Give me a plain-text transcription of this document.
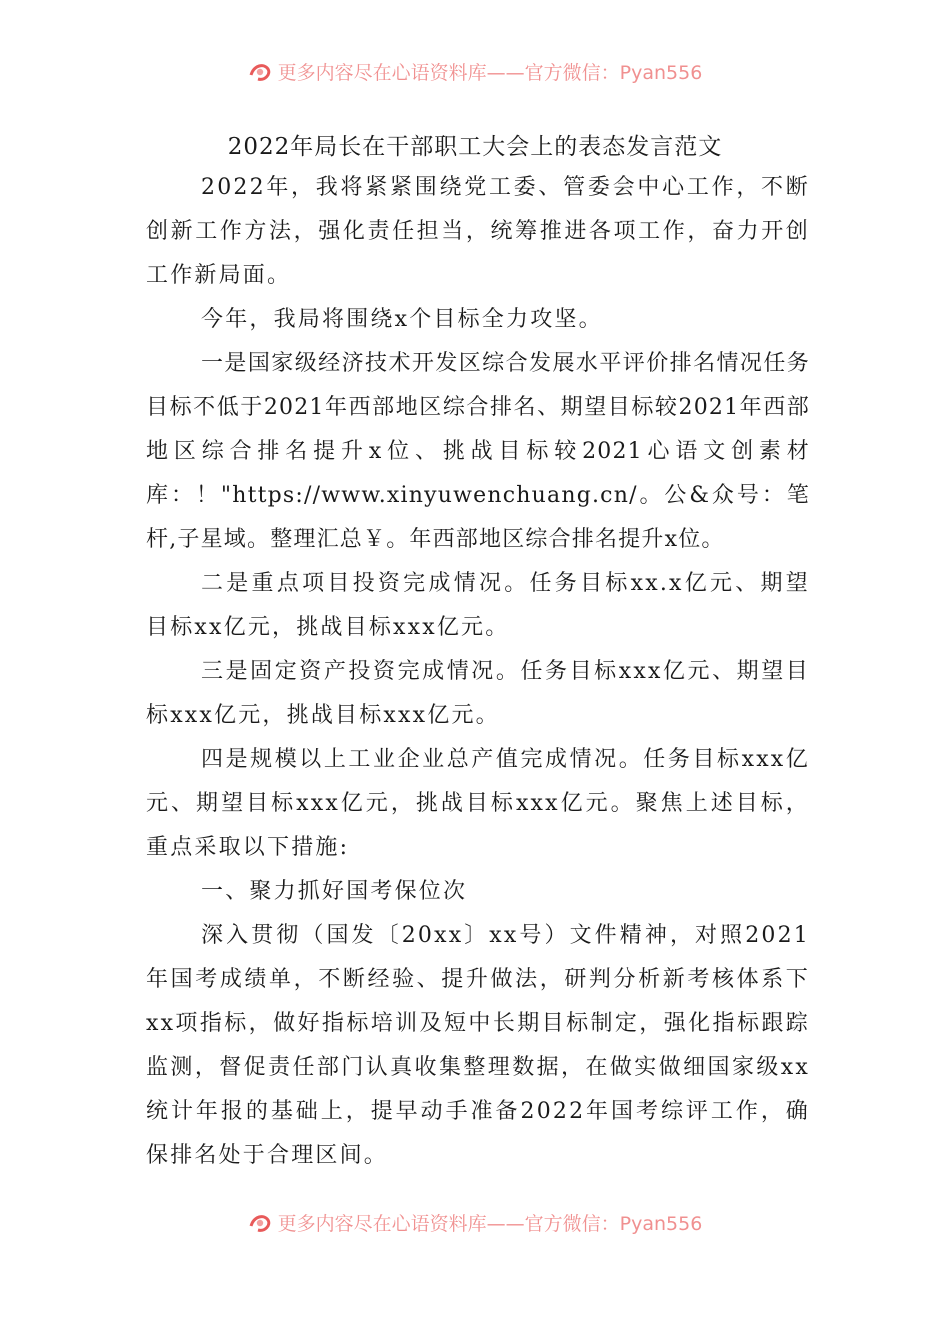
更多内容尽在心语资料库——官方微信：Pyan556
2022年局长在干部职工大会上的表态发言范文

2022年，我将紧紧围绕党工委、管委会中心工作，不断创新工作方法，强化责任担当，统筹推进各项工作，奋力开创工作新局面。

今年，我局将围绕x个目标全力攻坚。

一是国家级经济技术开发区综合发展水平评价排名情况任务目标不低于2021年西部地区综合排名、期望目标较2021年西部地区综合排名提升x位、挑战目标较2021心语文创素材库：！"https://www.xinyuwenchuang.cn/。公&众号：笔杆,子星域。整理汇总￥。年西部地区综合排名提升x位。

二是重点项目投资完成情况。任务目标xx.x亿元、期望目标xx亿元，挑战目标xxx亿元。

三是固定资产投资完成情况。任务目标xxx亿元、期望目标xxx亿元，挑战目标xxx亿元。

四是规模以上工业企业总产值完成情况。任务目标xxx亿元、期望目标xxx亿元，挑战目标xxx亿元。聚焦上述目标，重点采取以下措施:

一、聚力抓好国考保位次

深入贯彻（国发〔20xx〕xx号）文件精神，对照2021年国考成绩单，不断经验、提升做法，研判分析新考核体系下xx项指标，做好指标培训及短中长期目标制定，强化指标跟踪监测，督促责任部门认真收集整理数据，在做实做细国家级xx统计年报的基础上，提早动手准备2022年国考综评工作，确保排名处于合理区间。

更多内容尽在心语资料库——官方微信：Pyan556
